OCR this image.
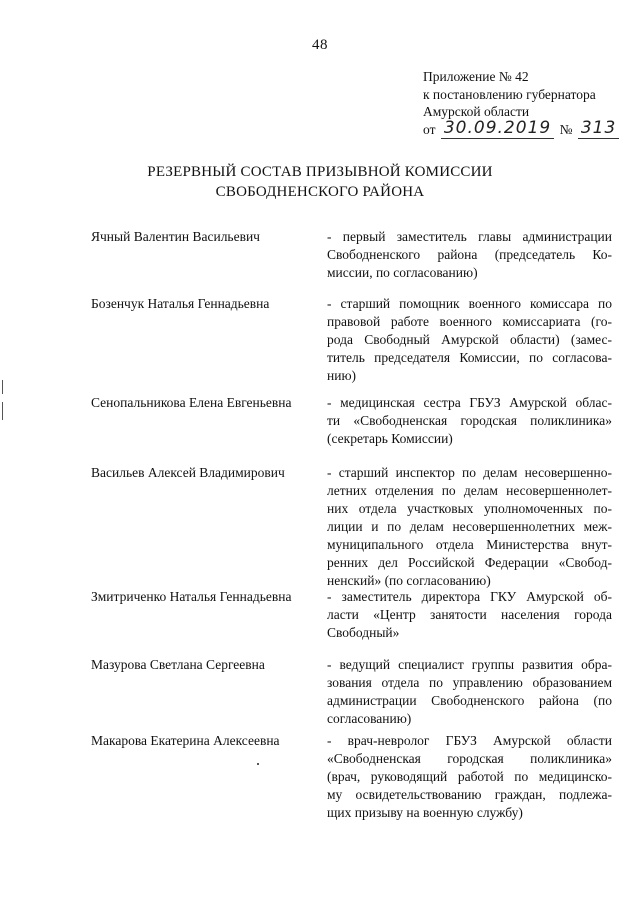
48
Приложение № 42
к постановлению губернатора
Амурской области
от 30.09.2019 № 313
РЕЗЕРВНЫЙ СОСТАВ ПРИЗЫВНОЙ КОМИССИИ
СВОБОДНЕНСКОГО РАЙОНА
Ячный Валентин Васильевич	- первый заместитель главы администрации
Свободненского района (председатель Ко-
миссии, по согласованию)
Бозенчук Наталья Геннадьевна	- старший помощник военного комиссара по
правовой работе военного комиссариата (го-
рода Свободный Амурской области) (замес-
титель председателя Комиссии, по согласова-
нию)
Сенопальникова Елена Евгеньевна	- медицинская сестра ГБУЗ Амурской облас-
ти «Свободненская городская поликлиника»
(секретарь Комиссии)
Васильев Алексей Владимирович	- старший инспектор по делам несовершенно-
летних отделения по делам несовершеннолет-
них отдела участковых уполномоченных по-
лиции и по делам несовершеннолетних меж-
муниципального отдела Министерства внут-
ренних дел Российской Федерации «Свобод-
ненский» (по согласованию)
Змитриченко Наталья Геннадьевна	- заместитель директора ГКУ Амурской об-
ласти «Центр занятости населения города
Свободный»
Мазурова Светлана Сергеевна	- ведущий специалист группы развития обра-
зования отдела по управлению образованием
администрации Свободненского района (по
согласованию)
Макарова Екатерина Алексеевна	- врач-невролог ГБУЗ Амурской области
«Свободненская городская поликлиника»
(врач, руководящий работой по медицинско-
му освидетельствованию граждан, подлежа-
щих призыву на военную службу)
